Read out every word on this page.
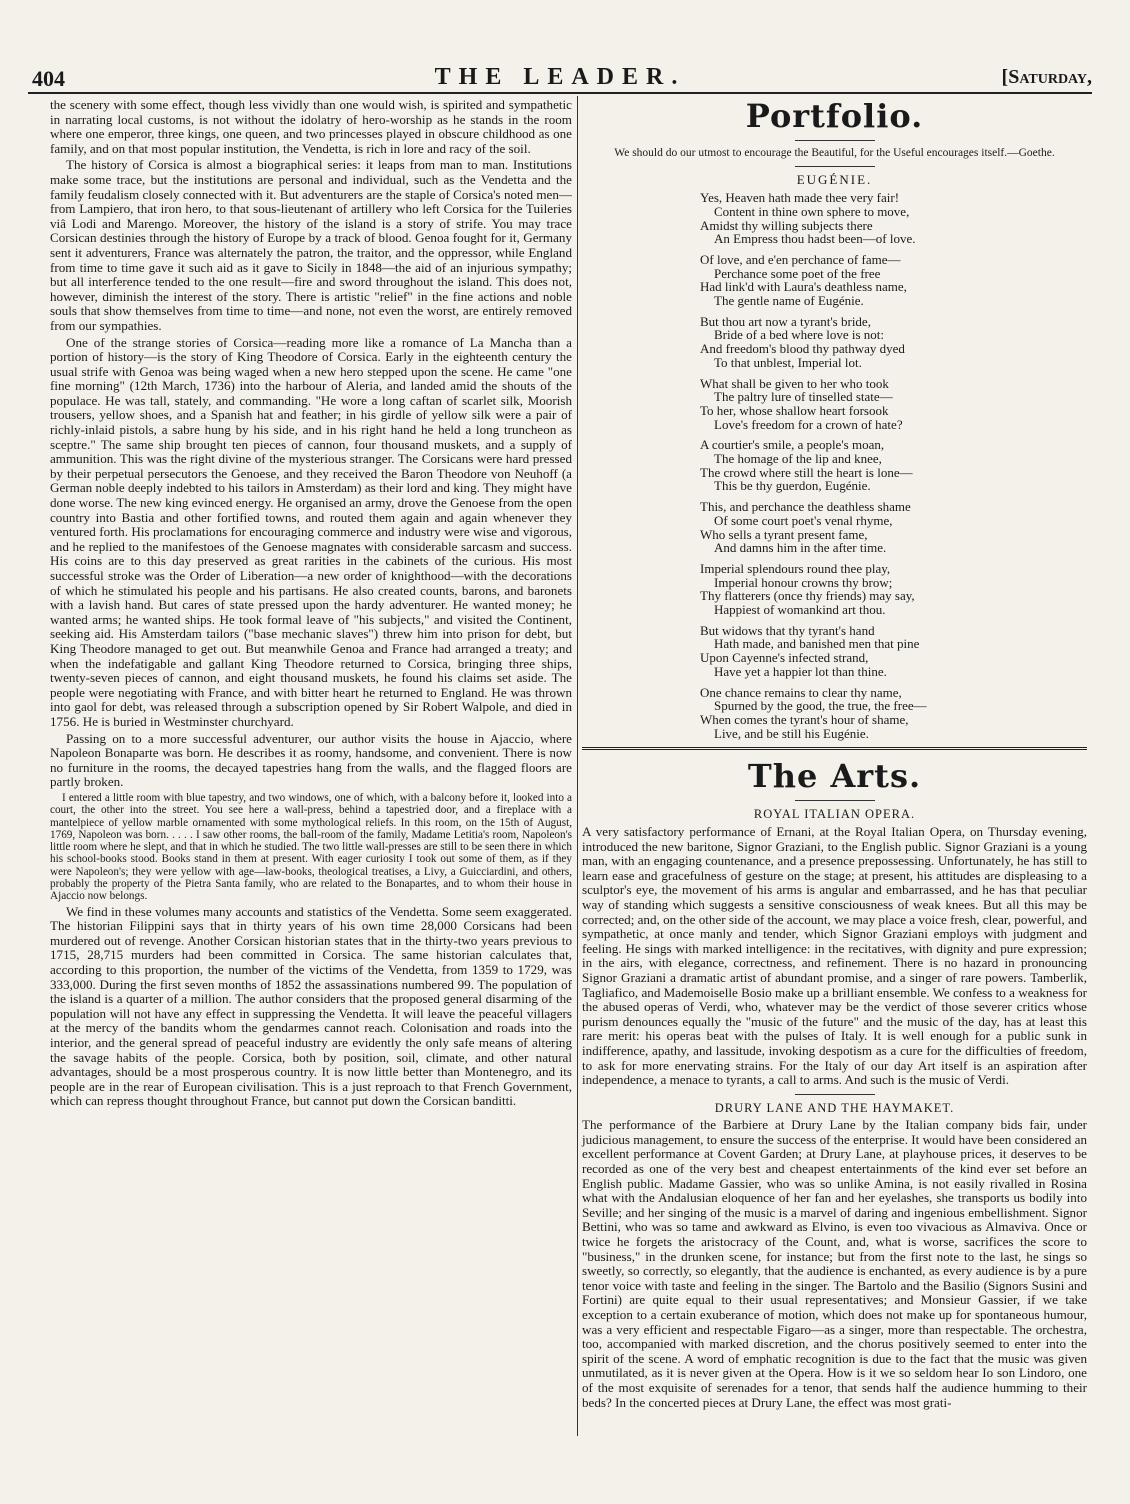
404	THE LEADER.	[Saturday,

the scenery with some effect, though less vividly than one would wish, is spirited and sympathetic in narrating local customs, is not without the idolatry of hero-worship as he stands in the room where one emperor, three kings, one queen, and two princesses played in obscure childhood as one family, and on that most popular institution, the Vendetta, is rich in lore and racy of the soil.

The history of Corsica is almost a biographical series: it leaps from man to man. Institutions make some trace, but the institutions are personal and individual, such as the Vendetta and the family feudalism closely connected with it. But adventurers are the staple of Corsica's noted men—from Lampiero, that iron hero, to that sous-lieutenant of artillery who left Corsica for the Tuileries viâ Lodi and Marengo. Moreover, the history of the island is a story of strife. You may trace Corsican destinies through the history of Europe by a track of blood. Genoa fought for it, Germany sent it adventurers, France was alternately the patron, the traitor, and the oppressor, while England from time to time gave it such aid as it gave to Sicily in 1848—the aid of an injurious sympathy; but all interference tended to the one result—fire and sword throughout the island. This does not, however, diminish the interest of the story. There is artistic "relief" in the fine actions and noble souls that show themselves from time to time—and none, not even the worst, are entirely removed from our sympathies.

One of the strange stories of Corsica—reading more like a romance of La Mancha than a portion of history—is the story of King Theodore of Corsica. Early in the eighteenth century the usual strife with Genoa was being waged when a new hero stepped upon the scene. He came "one fine morning" (12th March, 1736) into the harbour of Aleria, and landed amid the shouts of the populace. He was tall, stately, and commanding. "He wore a long caftan of scarlet silk, Moorish trousers, yellow shoes, and a Spanish hat and feather; in his girdle of yellow silk were a pair of richly-inlaid pistols, a sabre hung by his side, and in his right hand he held a long truncheon as sceptre." The same ship brought ten pieces of cannon, four thousand muskets, and a supply of ammunition. This was the right divine of the mysterious stranger. The Corsicans were hard pressed by their perpetual persecutors the Genoese, and they received the Baron Theodore von Neuhoff (a German noble deeply indebted to his tailors in Amsterdam) as their lord and king. They might have done worse. The new king evinced energy. He organised an army, drove the Genoese from the open country into Bastia and other fortified towns, and routed them again and again whenever they ventured forth. His proclamations for encouraging commerce and industry were wise and vigorous, and he replied to the manifestoes of the Genoese magnates with considerable sarcasm and success. His coins are to this day preserved as great rarities in the cabinets of the curious. His most successful stroke was the Order of Liberation—a new order of knighthood—with the decorations of which he stimulated his people and his partisans. He also created counts, barons, and baronets with a lavish hand. But cares of state pressed upon the hardy adventurer. He wanted money; he wanted arms; he wanted ships. He took formal leave of "his subjects," and visited the Continent, seeking aid. His Amsterdam tailors ("base mechanic slaves") threw him into prison for debt, but King Theodore managed to get out. But meanwhile Genoa and France had arranged a treaty; and when the indefatigable and gallant King Theodore returned to Corsica, bringing three ships, twenty-seven pieces of cannon, and eight thousand muskets, he found his claims set aside. The people were negotiating with France, and with bitter heart he returned to England. He was thrown into gaol for debt, was released through a subscription opened by Sir Robert Walpole, and died in 1756. He is buried in Westminster churchyard.

Passing on to a more successful adventurer, our author visits the house in Ajaccio, where Napoleon Bonaparte was born. He describes it as roomy, handsome, and convenient. There is now no furniture in the rooms, the decayed tapestries hang from the walls, and the flagged floors are partly broken.

I entered a little room with blue tapestry, and two windows, one of which, with a balcony before it, looked into a court, the other into the street. You see here a wall-press, behind a tapestried door, and a fireplace with a mantelpiece of yellow marble ornamented with some mythological reliefs. In this room, on the 15th of August, 1769, Napoleon was born. . . . . I saw other rooms, the ball-room of the family, Madame Letitia's room, Napoleon's little room where he slept, and that in which he studied. The two little wall-presses are still to be seen there in which his school-books stood. Books stand in them at present. With eager curiosity I took out some of them, as if they were Napoleon's; they were yellow with age—law-books, theological treatises, a Livy, a Guicciardini, and others, probably the property of the Pietra Santa family, who are related to the Bonapartes, and to whom their house in Ajaccio now belongs.

We find in these volumes many accounts and statistics of the Vendetta. Some seem exaggerated. The historian Filippini says that in thirty years of his own time 28,000 Corsicans had been murdered out of revenge. Another Corsican historian states that in the thirty-two years previous to 1715, 28,715 murders had been committed in Corsica. The same historian calculates that, according to this proportion, the number of the victims of the Vendetta, from 1359 to 1729, was 333,000. During the first seven months of 1852 the assassinations numbered 99. The population of the island is a quarter of a million. The author considers that the proposed general disarming of the population will not have any effect in suppressing the Vendetta. It will leave the peaceful villagers at the mercy of the bandits whom the gendarmes cannot reach. Colonisation and roads into the interior, and the general spread of peaceful industry are evidently the only safe means of altering the savage habits of the people. Corsica, both by position, soil, climate, and other natural advantages, should be a most prosperous country. It is now little better than Montenegro, and its people are in the rear of European civilisation. This is a just reproach to that French Government, which can repress thought throughout France, but cannot put down the Corsican banditti.

Portfolio.
We should do our utmost to encourage the Beautiful, for the Useful encourages itself.—Goethe.
EUGÉNIE.
Yes, Heaven hath made thee very fair!
Content in thine own sphere to move,
Amidst thy willing subjects there
An Empress thou hadst been—of love.
Of love, and e'en perchance of fame—
Perchance some poet of the free
Had link'd with Laura's deathless name,
The gentle name of Eugénie.
But thou art now a tyrant's bride,
Bride of a bed where love is not:
And freedom's blood thy pathway dyed
To that unblest, Imperial lot.
What shall be given to her who took
The paltry lure of tinselled state—
To her, whose shallow heart forsook
Love's freedom for a crown of hate?
A courtier's smile, a people's moan,
The homage of the lip and knee,
The crowd where still the heart is lone—
This be thy guerdon, Eugénie.
This, and perchance the deathless shame
Of some court poet's venal rhyme,
Who sells a tyrant present fame,
And damns him in the after time.
Imperial splendours round thee play,
Imperial honour crowns thy brow;
Thy flatterers (once thy friends) may say,
Happiest of womankind art thou.
But widows that thy tyrant's hand
Hath made, and banished men that pine
Upon Cayenne's infected strand,
Have yet a happier lot than thine.
One chance remains to clear thy name,
Spurned by the good, the true, the free—
When comes the tyrant's hour of shame,
Live, and be still his Eugénie.
The Arts.
ROYAL ITALIAN OPERA.

A very satisfactory performance of Ernani, at the Royal Italian Opera, on Thursday evening, introduced the new baritone, Signor Graziani, to the English public. Signor Graziani is a young man, with an engaging countenance, and a presence prepossessing. Unfortunately, he has still to learn ease and gracefulness of gesture on the stage; at present, his attitudes are displeasing to a sculptor's eye, the movement of his arms is angular and embarrassed, and he has that peculiar way of standing which suggests a sensitive consciousness of weak knees. But all this may be corrected; and, on the other side of the account, we may place a voice fresh, clear, powerful, and sympathetic, at once manly and tender, which Signor Graziani employs with judgment and feeling. He sings with marked intelligence: in the recitatives, with dignity and pure expression; in the airs, with elegance, correctness, and refinement. There is no hazard in pronouncing Signor Graziani a dramatic artist of abundant promise, and a singer of rare powers. Tamberlik, Tagliafico, and Mademoiselle Bosio make up a brilliant ensemble. We confess to a weakness for the abused operas of Verdi, who, whatever may be the verdict of those severer critics whose purism denounces equally the "music of the future" and the music of the day, has at least this rare merit: his operas beat with the pulses of Italy. It is well enough for a public sunk in indifference, apathy, and lassitude, invoking despotism as a cure for the difficulties of freedom, to ask for more enervating strains. For the Italy of our day Art itself is an aspiration after independence, a menace to tyrants, a call to arms. And such is the music of Verdi.

DRURY LANE AND THE HAYMAKET.

The performance of the Barbiere at Drury Lane by the Italian company bids fair, under judicious management, to ensure the success of the enterprise. It would have been considered an excellent performance at Covent Garden; at Drury Lane, at playhouse prices, it deserves to be recorded as one of the very best and cheapest entertainments of the kind ever set before an English public. Madame Gassier, who was so unlike Amina, is not easily rivalled in Rosina what with the Andalusian eloquence of her fan and her eyelashes, she transports us bodily into Seville; and her singing of the music is a marvel of daring and ingenious embellishment. Signor Bettini, who was so tame and awkward as Elvino, is even too vivacious as Almaviva. Once or twice he forgets the aristocracy of the Count, and, what is worse, sacrifices the score to "business," in the drunken scene, for instance; but from the first note to the last, he sings so sweetly, so correctly, so elegantly, that the audience is enchanted, as every audience is by a pure tenor voice with taste and feeling in the singer. The Bartolo and the Basilio (Signors Susini and Fortini) are quite equal to their usual representatives; and Monsieur Gassier, if we take exception to a certain exuberance of motion, which does not make up for spontaneous humour, was a very efficient and respectable Figaro—as a singer, more than respectable. The orchestra, too, accompanied with marked discretion, and the chorus positively seemed to enter into the spirit of the scene. A word of emphatic recognition is due to the fact that the music was given unmutilated, as it is never given at the Opera. How is it we so seldom hear Io son Lindoro, one of the most exquisite of serenades for a tenor, that sends half the audience humming to their beds? In the concerted pieces at Drury Lane, the effect was most grati-
